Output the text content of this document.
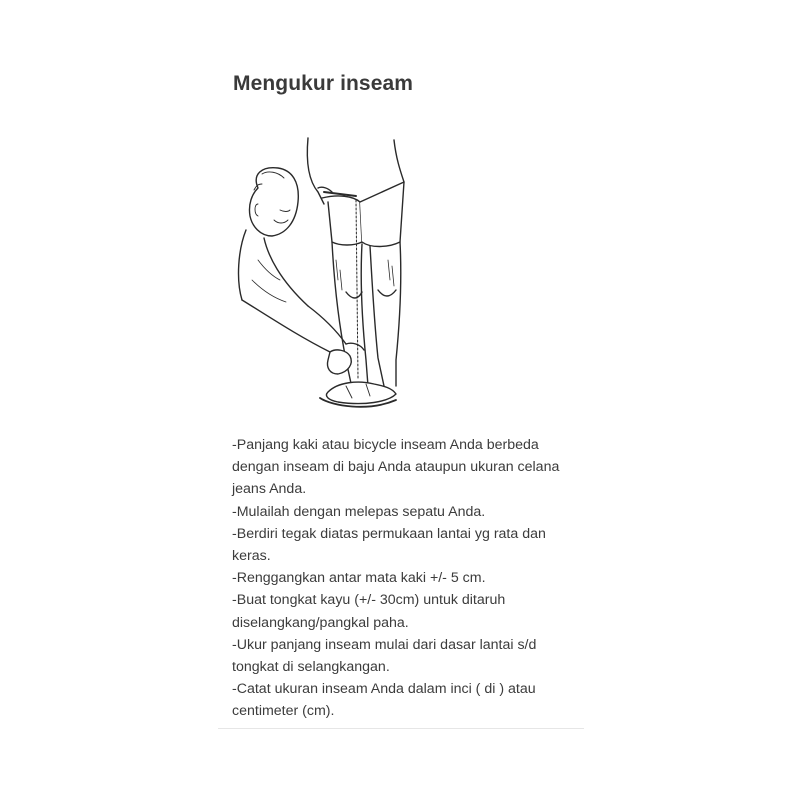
Mengukur inseam

-Panjang kaki atau bicycle inseam Anda berbeda dengan inseam di baju Anda ataupun ukuran celana jeans Anda.

-Mulailah dengan melepas sepatu Anda.

-Berdiri tegak diatas permukaan lantai yg rata dan keras.

-Renggangkan antar mata kaki +/- 5 cm.

-Buat tongkat kayu (+/- 30cm) untuk ditaruh diselangkang/pangkal paha.

-Ukur panjang inseam mulai dari dasar lantai s/d tongkat di selangkangan.

-Catat ukuran inseam Anda dalam inci ( di ) atau centimeter (cm).
